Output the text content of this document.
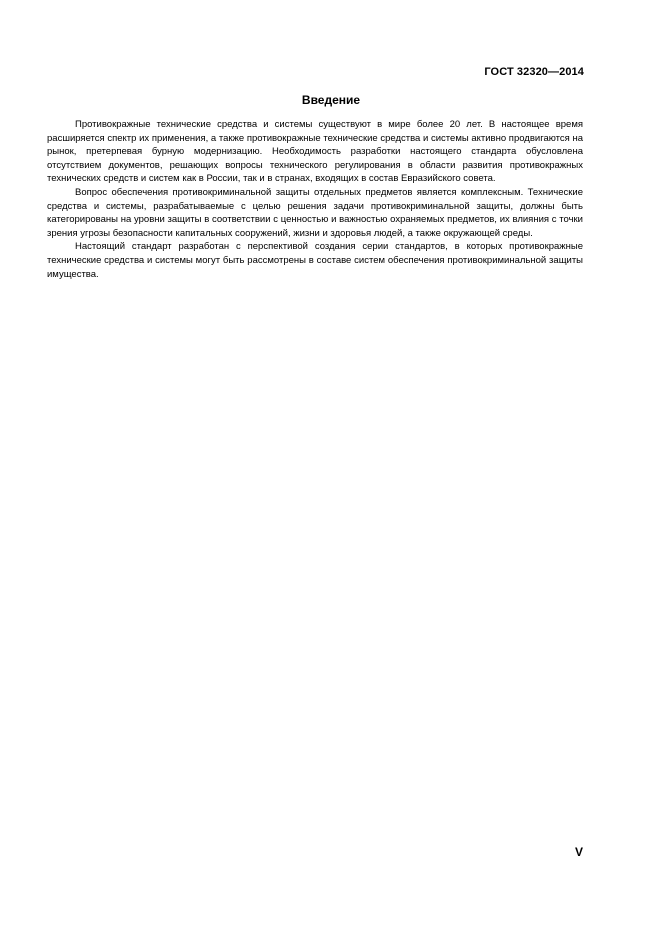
ГОСТ 32320—2014
Введение

Противокражные технические средства и системы существуют в мире более 20 лет. В настоящее время расширяется спектр их применения, а также противокражные технические средства и системы активно продвигаются на рынок, претерпевая бурную модернизацию. Необходимость разработки настоящего стандарта обусловлена отсутствием документов, решающих вопросы технического регулирования в области развития противокражных технических средств и систем как в России, так и в странах, входящих в состав Евразийского совета.

Вопрос обеспечения противокриминальной защиты отдельных предметов является комплексным. Технические средства и системы, разрабатываемые с целью решения задачи противокриминальной защиты, должны быть категорированы на уровни защиты в соответствии с ценностью и важностью охраняемых предметов, их влияния с точки зрения угрозы безопасности капитальных сооружений, жизни и здоровья людей, а также окружающей среды.

Настоящий стандарт разработан с перспективой создания серии стандартов, в которых противокражные технические средства и системы могут быть рассмотрены в составе систем обеспечения противокриминальной защиты имущества.

V
